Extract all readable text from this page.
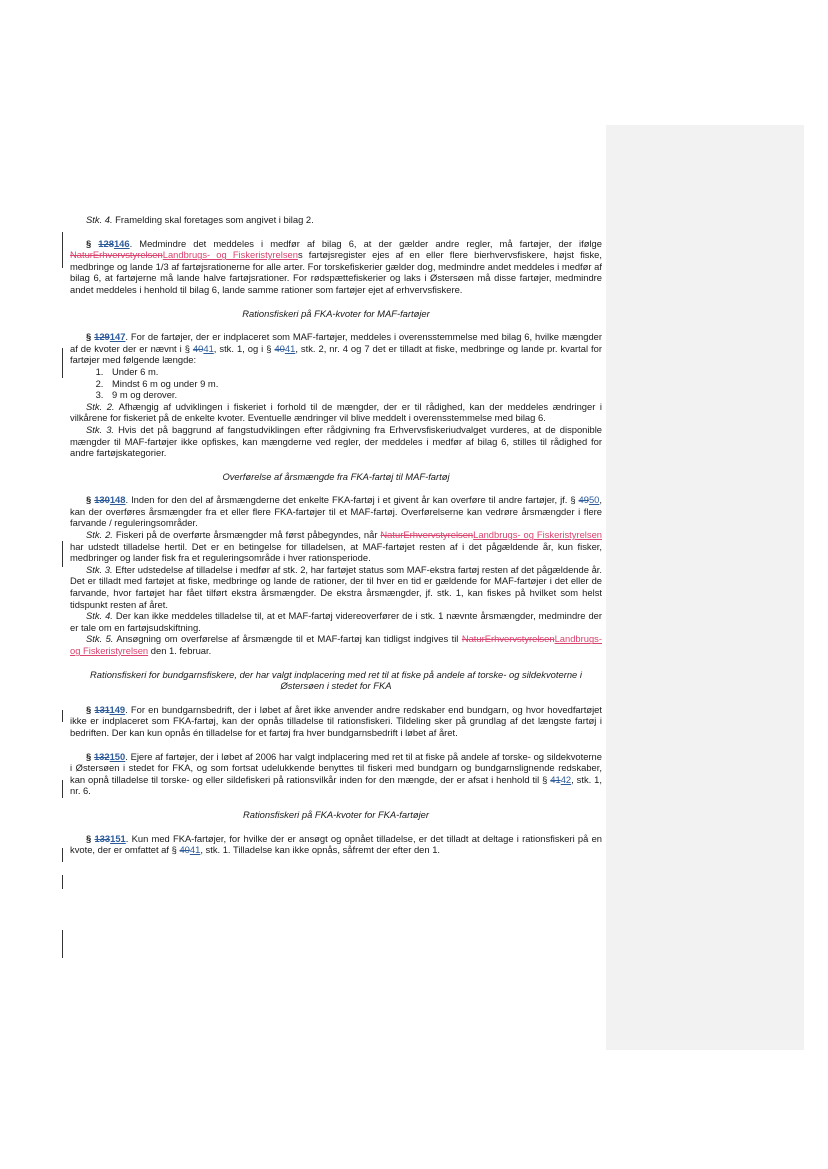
Stk. 4. Framelding skal foretages som angivet i bilag 2.

§ 128146. Medmindre det meddeles i medfør af bilag 6, at der gælder andre regler, må fartøjer, der ifølge NaturErhvervstyrelsenLandbrugs- og Fiskeristyrelsens fartøjsregister ejes af en eller flere bierhvervsfiskere, højst fiske, medbringe og lande 1/3 af fartøjsrationerne for alle arter. For torskefiskerier gælder dog, medmindre andet meddeles i medfør af bilag 6, at fartøjerne må lande halve fartøjsrationer. For rødspættefiskerier og laks i Østersøen må disse fartøjer, medmindre andet meddeles i henhold til bilag 6, lande samme rationer som fartøjer ejet af erhvervsfiskere.

Rationsfiskeri på FKA-kvoter for MAF-fartøjer

§ 129147. For de fartøjer, der er indplaceret som MAF-fartøjer, meddeles i overensstemmelse med bilag 6, hvilke mængder af de kvoter der er nævnt i § 4041, stk. 1, og i § 4041, stk. 2, nr. 4 og 7 det er tilladt at fiske, medbringe og lande pr. kvartal for fartøjer med følgende længde:

1. Under 6 m.
2. Mindst 6 m og under 9 m.
3. 9 m og derover.

Stk. 2. Afhængig af udviklingen i fiskeriet i forhold til de mængder, der er til rådighed, kan der meddeles ændringer i vilkårene for fiskeriet på de enkelte kvoter. Eventuelle ændringer vil blive meddelt i overensstemmelse med bilag 6.

Stk. 3. Hvis det på baggrund af fangstudviklingen efter rådgivning fra Erhvervsfiskeriudvalget vurderes, at de disponible mængder til MAF-fartøjer ikke opfiskes, kan mængderne ved regler, der meddeles i medfør af bilag 6, stilles til rådighed for andre fartøjskategorier.

Overførelse af årsmængde fra FKA-fartøj til MAF-fartøj

§ 130148. Inden for den del af årsmængderne det enkelte FKA-fartøj i et givent år kan overføre til andre fartøjer, jf. § 4950, kan der overføres årsmængder fra et eller flere FKA-fartøjer til et MAF-fartøj. Overførelserne kan vedrøre årsmængder i flere farvande / reguleringsområder.

Stk. 2. Fiskeri på de overførte årsmængder må først påbegyndes, når NaturErhvervstyrelsenLandbrugs- og Fiskeristyrelsen har udstedt tilladelse hertil. Det er en betingelse for tilladelsen, at MAF-fartøjet resten af i det pågældende år, kun fisker, medbringer og lander fisk fra et reguleringsområde i hver rationsperiode.

Stk. 3. Efter udstedelse af tilladelse i medfør af stk. 2, har fartøjet status som MAF-ekstra fartøj resten af det pågældende år. Det er tilladt med fartøjet at fiske, medbringe og lande de rationer, der til hver en tid er gældende for MAF-fartøjer i det eller de farvande, hvor fartøjet har fået tilført ekstra årsmængder. De ekstra årsmængder, jf. stk. 1, kan fiskes på hvilket som helst tidspunkt resten af året.

Stk. 4. Der kan ikke meddeles tilladelse til, at et MAF-fartøj videreoverfører de i stk. 1 nævnte årsmængder, medmindre der er tale om en fartøjsudskiftning.

Stk. 5. Ansøgning om overførelse af årsmængde til et MAF-fartøj kan tidligst indgives til NaturErhvervstyrelsenLandbrugs- og Fiskeristyrelsen den 1. februar.

Rationsfiskeri for bundgarnsfiskere, der har valgt indplacering med ret til at fiske på andele af torske- og sildekvoterne i Østersøen i stedet for FKA

§ 131149. For en bundgarnsbedrift, der i løbet af året ikke anvender andre redskaber end bundgarn, og hvor hovedfartøjet ikke er indplaceret som FKA-fartøj, kan der opnås tilladelse til rationsfiskeri. Tildeling sker på grundlag af det længste fartøj i bedriften. Der kan kun opnås én tilladelse for et fartøj fra hver bundgarnsbedrift i løbet af året.

§ 132150. Ejere af fartøjer, der i løbet af 2006 har valgt indplacering med ret til at fiske på andele af torske- og sildekvoterne i Østersøen i stedet for FKA, og som fortsat udelukkende benyttes til fiskeri med bundgarn og bundgarnslignende redskaber, kan opnå tilladelse til torske- og eller sildefiskeri på rationsvilkår inden for den mængde, der er afsat i henhold til § 4142, stk. 1, nr. 6.

Rationsfiskeri på FKA-kvoter for FKA-fartøjer

§ 133151. Kun med FKA-fartøjer, for hvilke der er ansøgt og opnået tilladelse, er det tilladt at deltage i rationsfiskeri på en kvote, der er omfattet af § 4041, stk. 1. Tilladelse kan ikke opnås, såfremt der efter den 1.
